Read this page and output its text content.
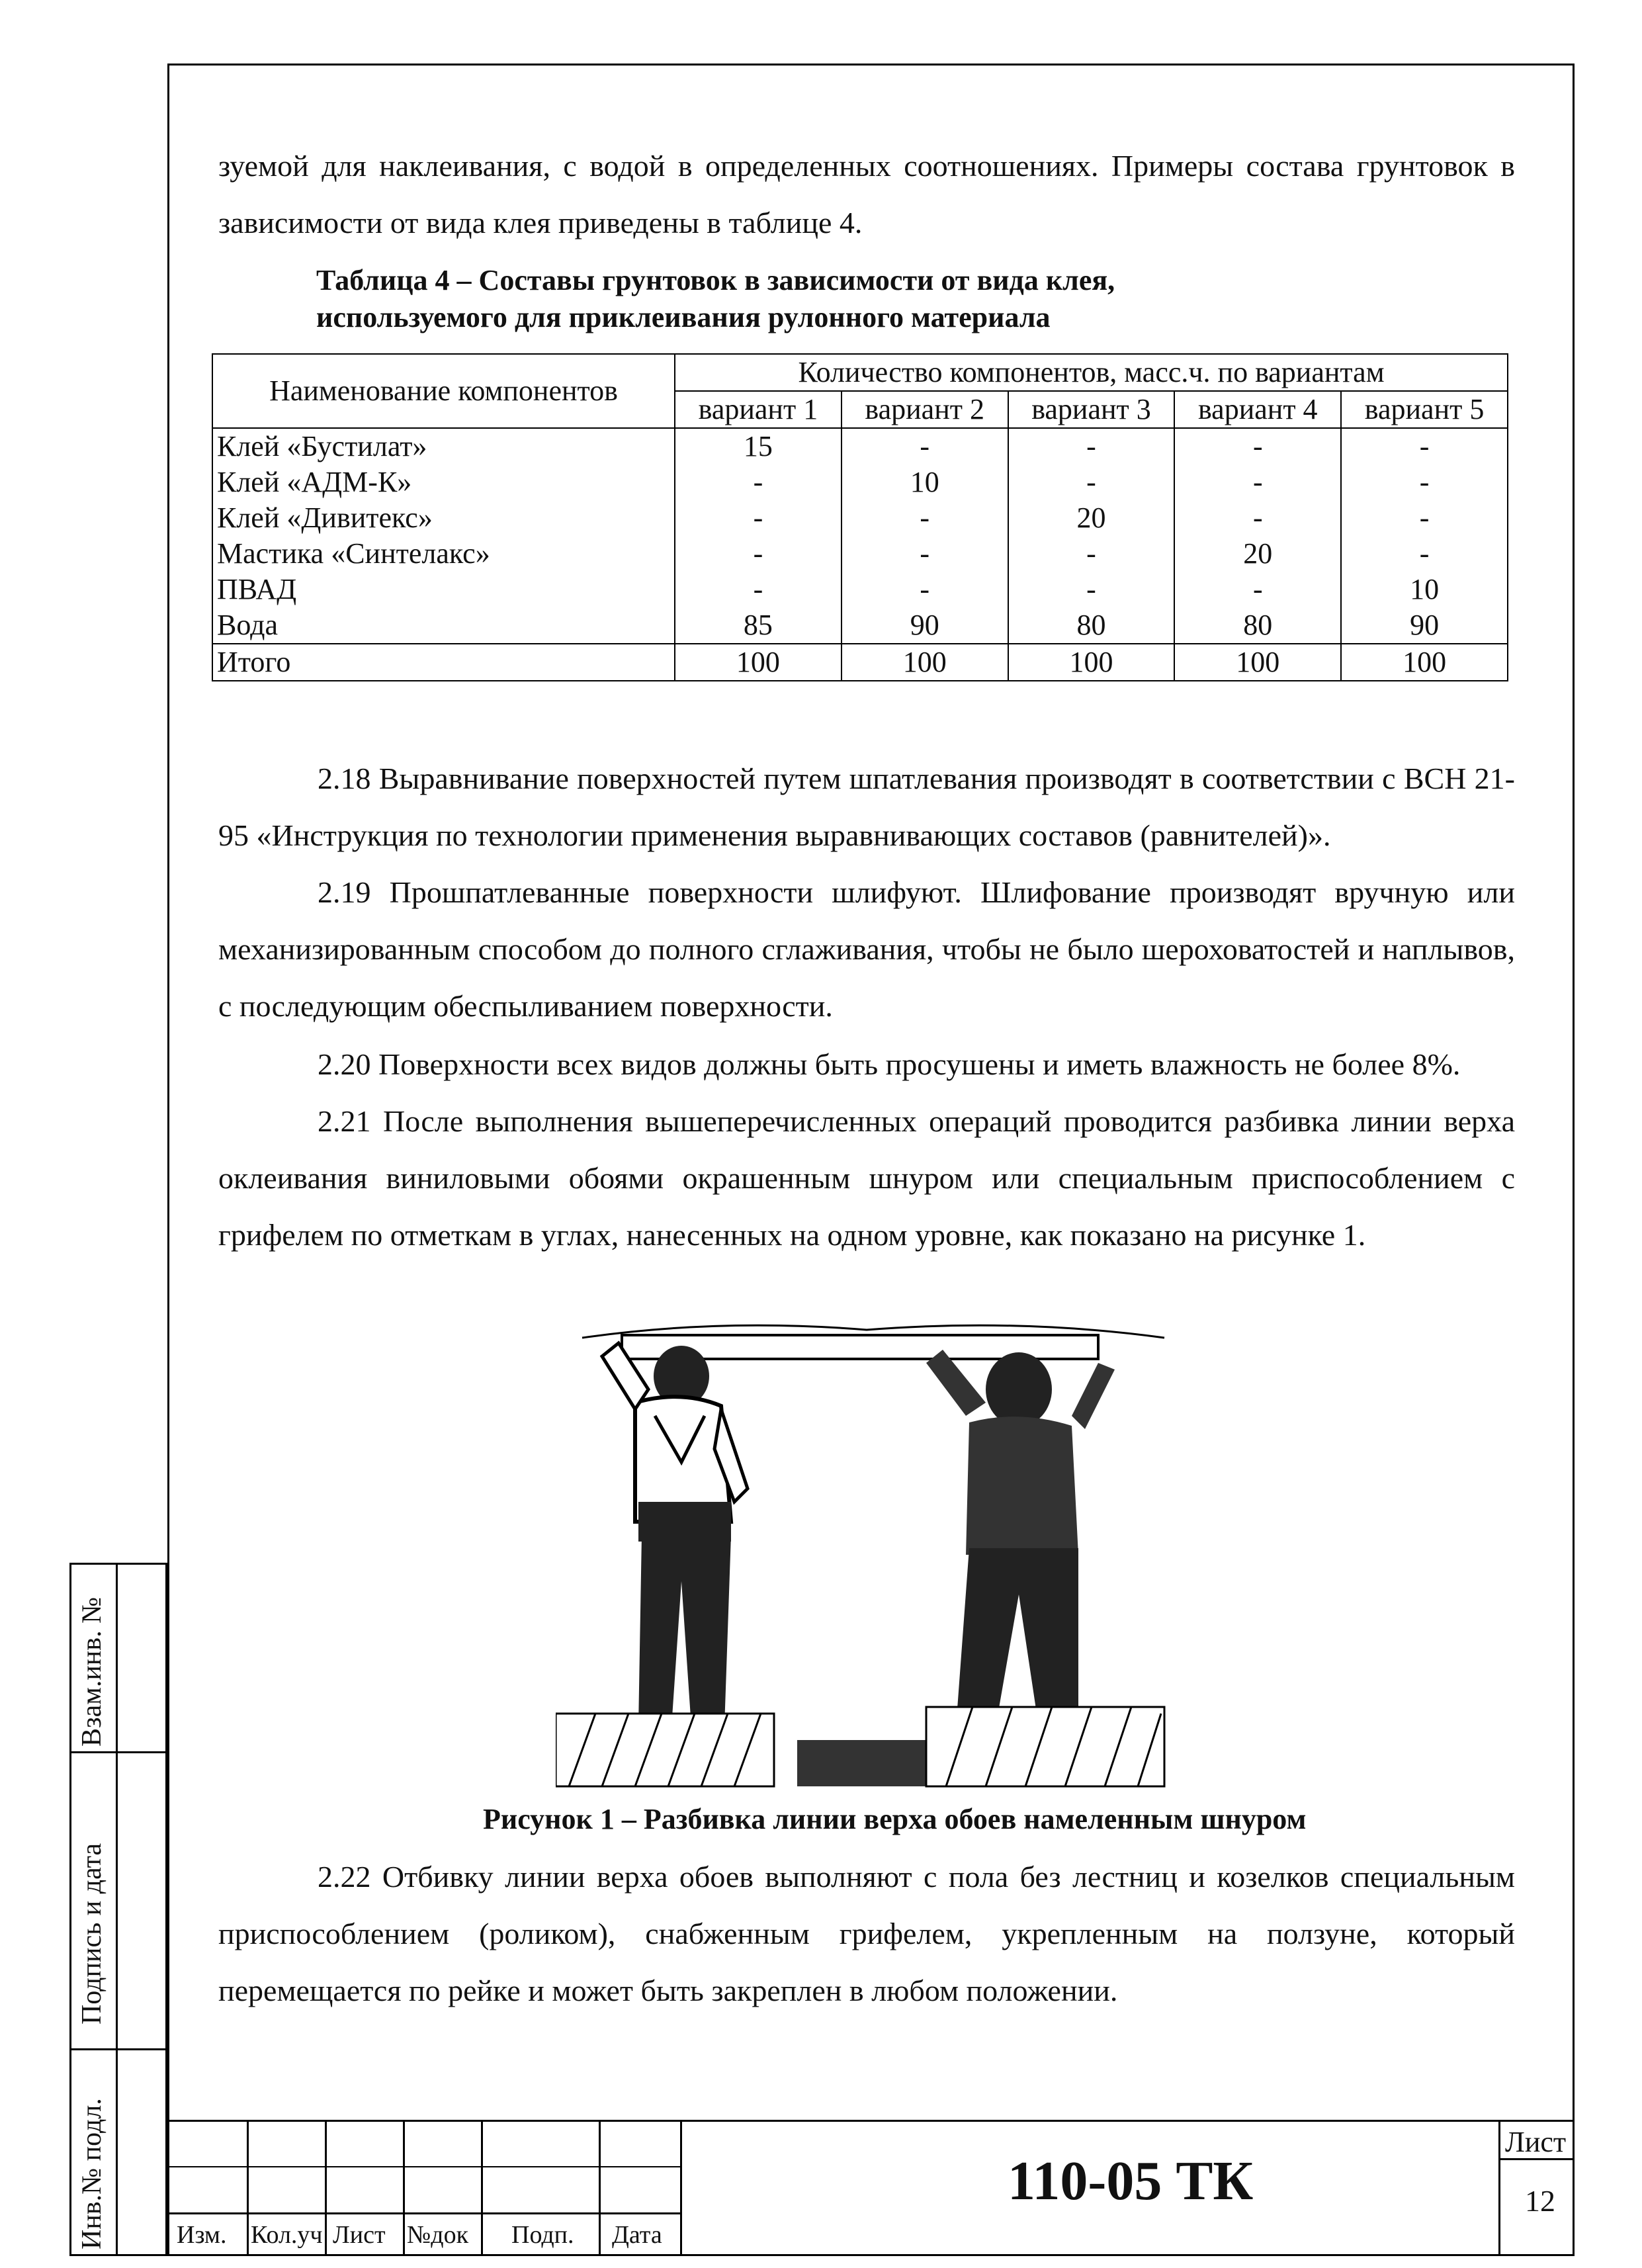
зуемой для наклеивания, с водой в определенных соотношениях. Примеры состава грунтовок в зависимости от вида клея приведены в таблице 4.
Таблица 4 – Составы грунтовок в зависимости от вида клея,
используемого для приклеивания рулонного материала
Наименование компонентов	Количество компонентов, масс.ч. по вариантам				
	вариант 1	вариант 2	вариант 3	вариант 4	вариант 5
Клей «Бустилат»	15	-	-	-	-
Клей «АДМ-К»	-	10	-	-	-
Клей «Дивитекс»	-	-	20	-	-
Мастика «Синтелакс»	-	-	-	20	-
ПВАД	-	-	-	-	10
Вода	85	90	80	80	90
Итого	100	100	100	100	100
2.18 Выравнивание поверхностей путем шпатлевания производят в соответствии с ВСН 21-95 «Инструкция по технологии применения выравнивающих составов (равнителей)».
2.19 Прошпатлеванные поверхности шлифуют. Шлифование производят вручную или механизированным способом до полного сглаживания, чтобы не было шероховатостей и наплывов, с последующим обеспыливанием поверхности.
2.20 Поверхности всех видов должны быть просушены и иметь влажность не более 8%.
2.21 После выполнения вышеперечисленных операций проводится разбивка линии верха оклеивания виниловыми обоями окрашенным шнуром или специальным приспособлением с грифелем по отметкам в углах, нанесенных на одном уровне, как показано на рисунке 1.
Рисунок 1 – Разбивка линии верха обоев намеленным шнуром
2.22 Отбивку линии верха обоев выполняют с пола без лестниц и козелков специальным приспособлением (роликом), снабженным грифелем, укрепленным на ползуне, который перемещается по рейке и может быть закреплен в любом положении.
Взам.инв. №
Подпись и дата
Инв.№ подл.	Изм. Кол.уч Лист №док Подп. Дата
110-05 ТК
Лист
12
